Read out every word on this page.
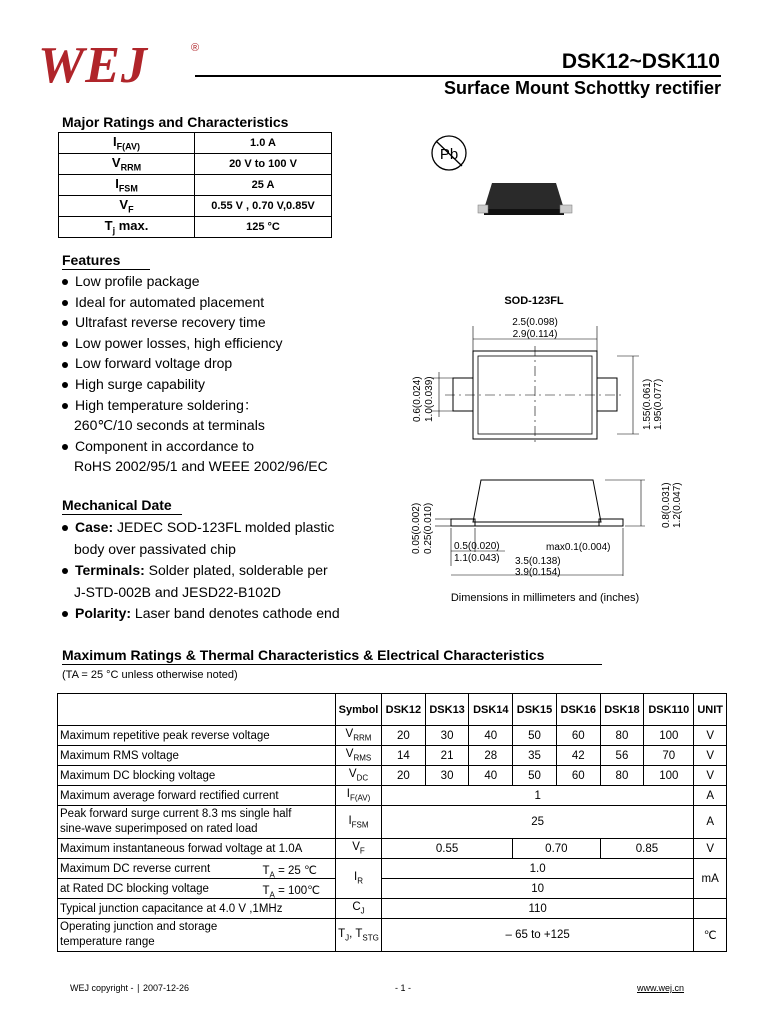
WEJ	®
DSK12~DSK110
Surface Mount Schottky rectifier
Major Ratings and Characteristics
$I_{F(AV)}$	1.0 A
$V_{RRM}$	20 V to 100 V
$I_{FSM}$	25 A
$V_F$	0.55 V , 0.70 V,0.85V
$T_j$ max.	125 °C
Pb
Features
Low profile package
Ideal for automated placement
Ultrafast reverse recovery time
Low power losses, high efficiency
Low forward voltage drop
High surge capability
High temperature soldering：
260℃/10 seconds at terminals
Component in accordance to
RoHS 2002/95/1 and WEEE 2002/96/EC
SOD-123FL
2.5(0.098)
2.9(0.114)
0.6(0.024) 1.0(0.039)	1.55(0.061) 1.95(0.077)
0.05(0.002) 0.25(0.010)	0.8(0.031) 1.2(0.047)
0.5(0.020)
1.1(0.043)
max0.1(0.004)
3.5(0.138)
3.9(0.154)
Dimensions in millimeters and (inches)
Mechanical Date
Case: JEDEC SOD-123FL molded plastic
body over passivated chip
Terminals: Solder plated, solderable per
J-STD-002B and JESD22-B102D
Polarity: Laser band denotes cathode end
Maximum Ratings & Thermal Characteristics & Electrical Characteristics
(TA = 25 °C unless otherwise noted)
	Symbol	DSK12	DSK13	DSK14	DSK15	DSK16	DSK18	DSK110	UNIT
Maximum repetitive peak reverse voltage	$V_{RRM}$	20	30	40	50	60	80	100	V
Maximum RMS voltage	$V_{RMS}$	14	21	28	35	42	56	70	V
Maximum DC blocking voltage	$V_{DC}$	20	30	40	50	60	80	100	V
Maximum average forward rectified current	$I_{F(AV)}$	1							A
Peak forward surge current 8.3 ms single half
sine-wave superimposed on rated load	$I_{FSM}$	25							A
Maximum instantaneous forwad voltage at 1.0A	$V_F$	0.55			0.70		0.85		V
Maximum DC reverse current $T_A = 25$ ℃	$I_R$	1.0							mA
at Rated DC blocking voltage $T_A$ = 100℃		10							
Typical junction capacitance at 4.0 V ,1MHz	$C_J$	110							
Operating junction and storage
temperature range	$T_J$, $T_{STG}$	– 65 to +125							℃
WEJ copyright - ∣ 2007-12-26	- 1 -	www.wej.cn
